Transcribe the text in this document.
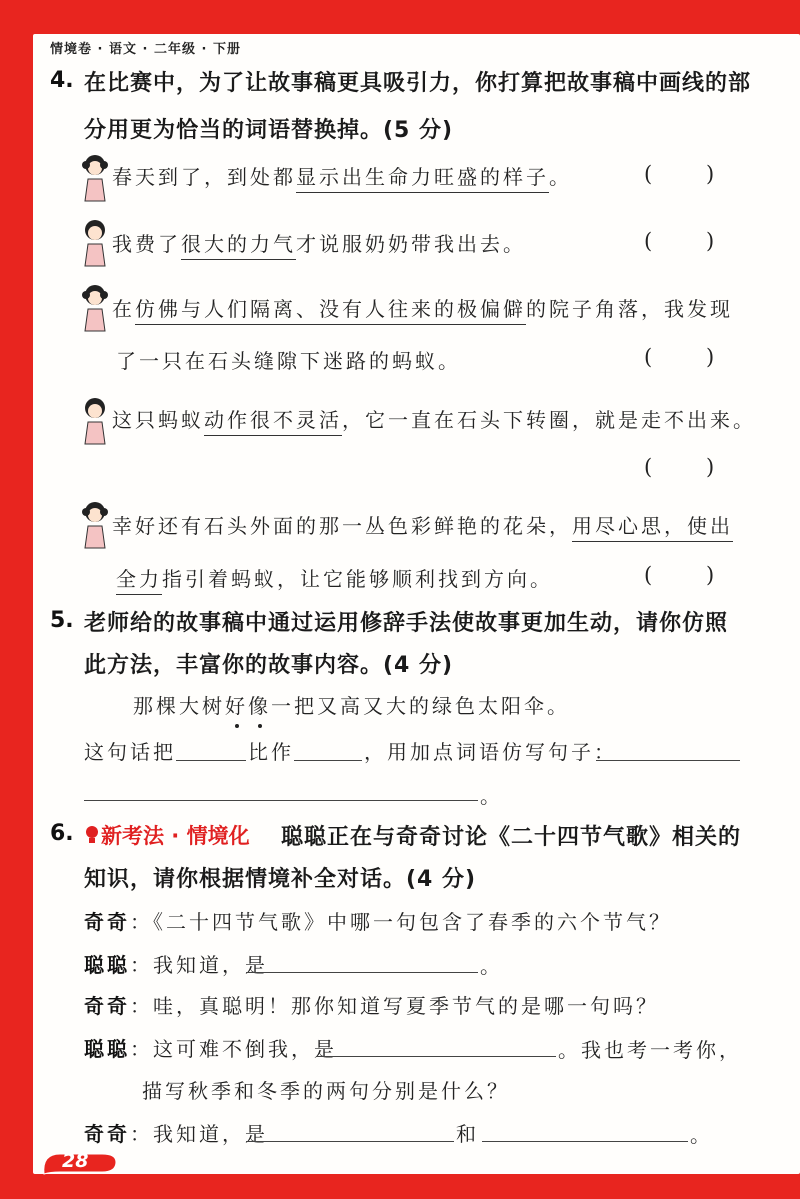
情境卷 · 语文 · 二年级 · 下册
4. 在比赛中，为了让故事稿更具吸引力，你打算把故事稿中画线的部
分用更为恰当的词语替换掉。(5 分)
春天到了，到处都显示出生命力旺盛的样子。	(	)
我费了很大的力气才说服奶奶带我出去。	(	)
在仿佛与人们隔离、没有人往来的极偏僻的院子角落，我发现
了一只在石头缝隙下迷路的蚂蚁。	(	)
这只蚂蚁动作很不灵活，它一直在石头下转圈，就是走不出来。
(	)
幸好还有石头外面的那一丛色彩鲜艳的花朵，用尽心思，使出
全力指引着蚂蚁，让它能够顺利找到方向。	(	)
5. 老师给的故事稿中通过运用修辞手法使故事更加生动，请你仿照
此方法，丰富你的故事内容。(4 分)
那棵大树好
像
一把又高又大的绿色太阳伞。
这句话把	比作	，用加点词语仿写句子：
。
6. 新考法 · 情境化 聪聪正在与奇奇讨论《二十四节气歌》相关的
知识，请你根据情境补全对话。(4 分)
奇奇：《二十四节气歌》中哪一句包含了春季的六个节气？
聪聪：我知道，是	。
奇奇：哇，真聪明！那你知道写夏季节气的是哪一句吗？
聪聪：这可难不倒我，是	。我也考一考你，
描写秋季和冬季的两句分别是什么？
奇奇：我知道，是	和	。
28
